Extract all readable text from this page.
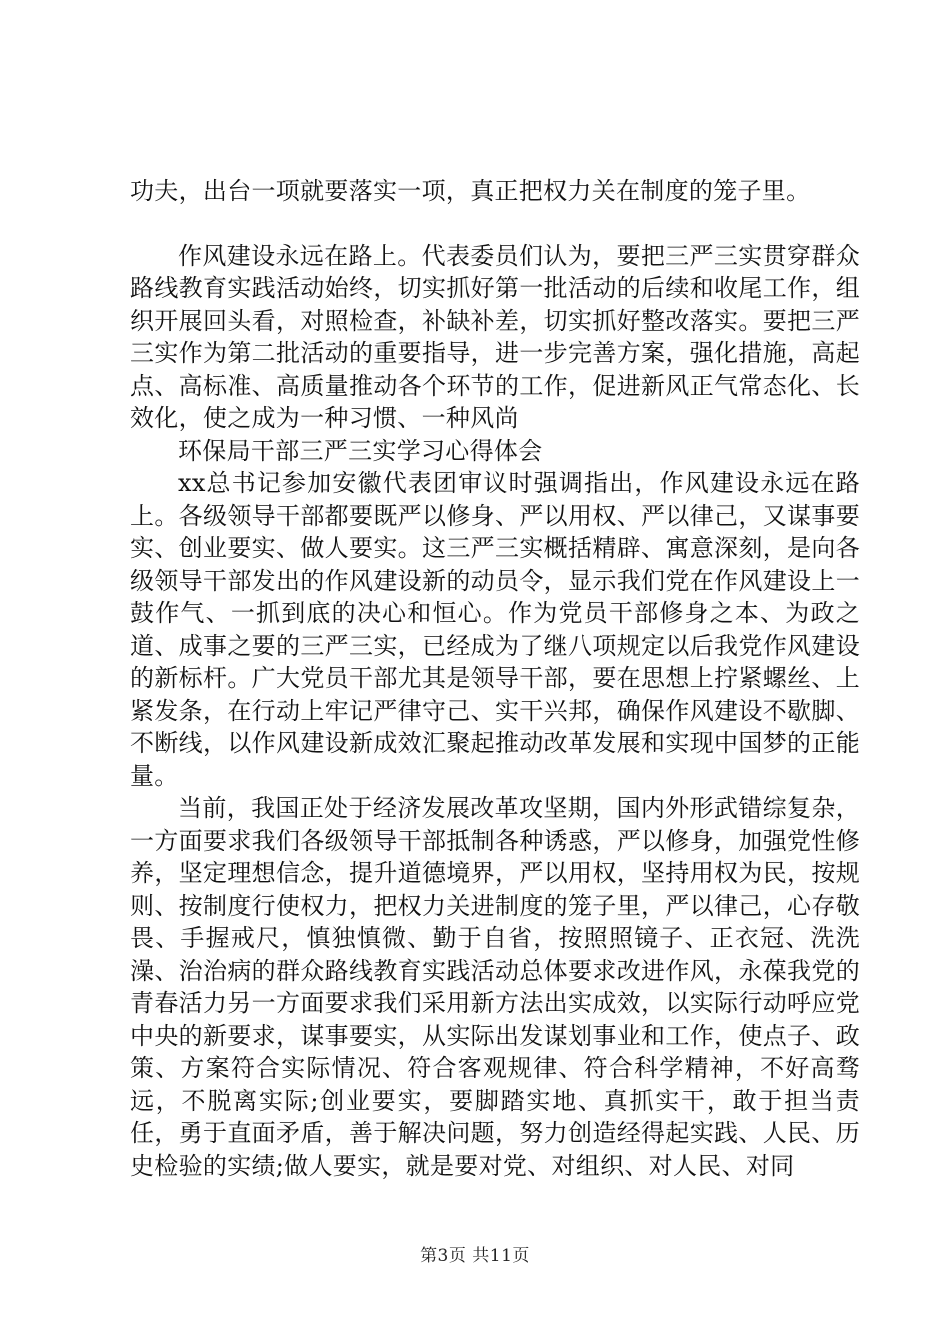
功夫，出台一项就要落实一项，真正把权力关在制度的笼子里。

作风建设永远在路上。代表委员们认为，要把三严三实贯穿群众路线教育实践活动始终，切实抓好第一批活动的后续和收尾工作，组织开展回头看，对照检查，补缺补差，切实抓好整改落实。要把三严三实作为第二批活动的重要指导，进一步完善方案，强化措施，高起点、高标准、高质量推动各个环节的工作，促进新风正气常态化、长效化，使之成为一种习惯、一种风尚

环保局干部三严三实学习心得体会

xx总书记参加安徽代表团审议时强调指出，作风建设永远在路上。各级领导干部都要既严以修身、严以用权、严以律己，又谋事要实、创业要实、做人要实。这三严三实概括精辟、寓意深刻，是向各级领导干部发出的作风建设新的动员令，显示我们党在作风建设上一鼓作气、一抓到底的决心和恒心。作为党员干部修身之本、为政之道、成事之要的三严三实，已经成为了继八项规定以后我党作风建设的新标杆。广大党员干部尤其是领导干部，要在思想上拧紧螺丝、上紧发条，在行动上牢记严律守己、实干兴邦，确保作风建设不歇脚、不断线，以作风建设新成效汇聚起推动改革发展和实现中国梦的正能量。

当前，我国正处于经济发展改革攻坚期，国内外形武错综复杂，一方面要求我们各级领导干部抵制各种诱惑，严以修身，加强党性修养，坚定理想信念，提升道德境界，严以用权，坚持用权为民，按规则、按制度行使权力，把权力关进制度的笼子里，严以律己，心存敬畏、手握戒尺，慎独慎微、勤于自省，按照照镜子、正衣冠、洗洗澡、治治病的群众路线教育实践活动总体要求改进作风，永葆我党的青春活力另一方面要求我们采用新方法出实成效，以实际行动呼应党中央的新要求，谋事要实，从实际出发谋划事业和工作，使点子、政策、方案符合实际情况、符合客观规律、符合科学精神，不好高骛远，不脱离实际;创业要实，要脚踏实地、真抓实干，敢于担当责任，勇于直面矛盾，善于解决问题，努力创造经得起实践、人民、历史检验的实绩;做人要实，就是要对党、对组织、对人民、对同

第3页 共11页
